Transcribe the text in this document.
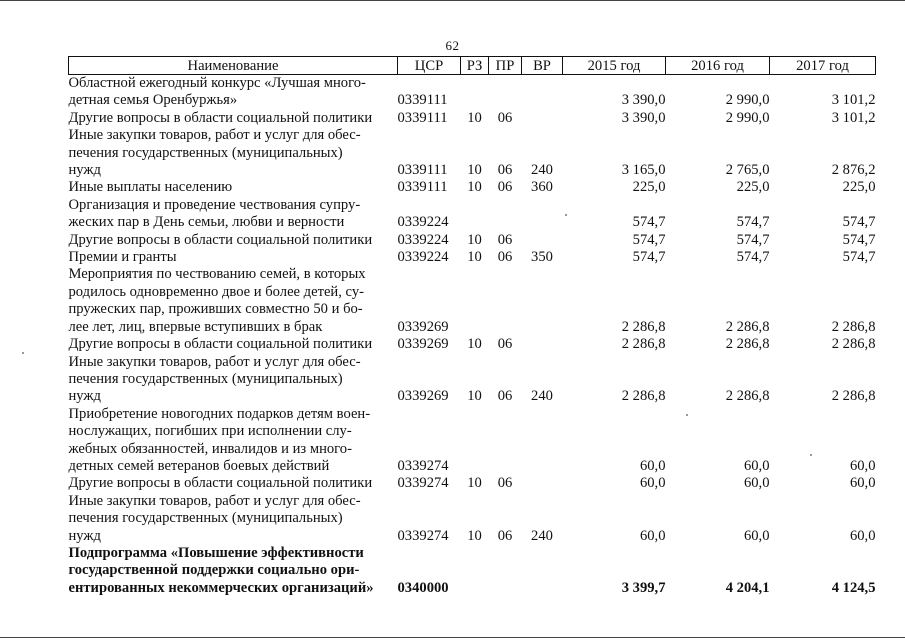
62
Наименование	ЦСР	РЗ	ПР	ВР	2015 год	2016 год	2017 год

Областной ежегодный конкурс «Лучшая много-
детная семья Оренбуржья»	0339111				3 390,0	2 990,0	3 101,2

Другие вопросы в области социальной политики	0339111	10	06		3 390,0	2 990,0	3 101,2

Иные закупки товаров, работ и услуг для обес-
печения государственных (муниципальных)
нужд	0339111	10	06	240	3 165,0	2 765,0	2 876,2

Иные выплаты населению	0339111	10	06	360	225,0	225,0	225,0

Организация и проведение чествования супру-
жеских пар в День семьи, любви и верности	0339224				574,7	574,7	574,7

Другие вопросы в области социальной политики	0339224	10	06		574,7	574,7	574,7

Премии и гранты	0339224	10	06	350	574,7	574,7	574,7

Мероприятия по чествованию семей, в которых
родилось одновременно двое и более детей, су-
пружеских пар, проживших совместно 50 и бо-
лее лет, лиц, впервые вступивших в брак	0339269				2 286,8	2 286,8	2 286,8

Другие вопросы в области социальной политики	0339269	10	06		2 286,8	2 286,8	2 286,8

Иные закупки товаров, работ и услуг для обес-
печения государственных (муниципальных)
нужд	0339269	10	06	240	2 286,8	2 286,8	2 286,8

Приобретение новогодних подарков детям воен-
нослужащих, погибших при исполнении слу-
жебных обязанностей, инвалидов и из много-
детных семей ветеранов боевых действий	0339274				60,0	60,0	60,0

Другие вопросы в области социальной политики	0339274	10	06		60,0	60,0	60,0

Иные закупки товаров, работ и услуг для обес-
печения государственных (муниципальных)
нужд	0339274	10	06	240	60,0	60,0	60,0

Подпрограмма «Повышение эффективности
государственной поддержки социально ори-
ентированных некоммерческих организаций»	0340000				3 399,7	4 204,1	4 124,5
